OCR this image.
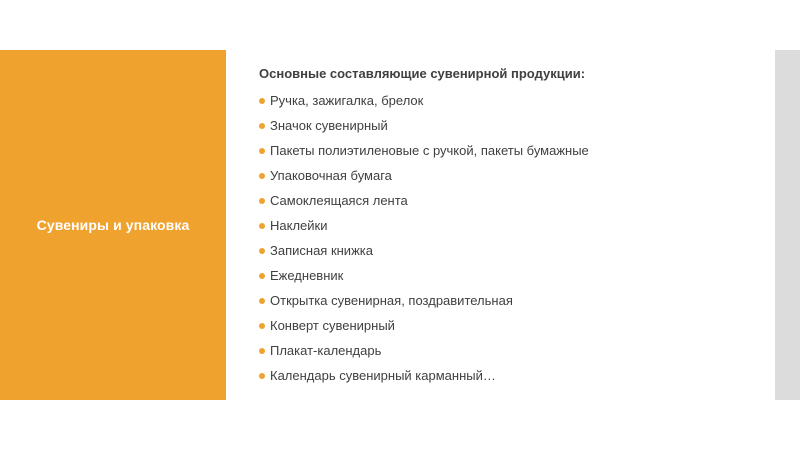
Сувениры и упаковка
Основные составляющие сувенирной продукции:
Ручка, зажигалка, брелок
Значок сувенирный
Пакеты полиэтиленовые с ручкой, пакеты бумажные
Упаковочная бумага
Самоклеящаяся лента
Наклейки
Записная книжка
Ежедневник
Открытка сувенирная, поздравительная
Конверт сувенирный
Плакат-календарь
Календарь сувенирный карманный…
